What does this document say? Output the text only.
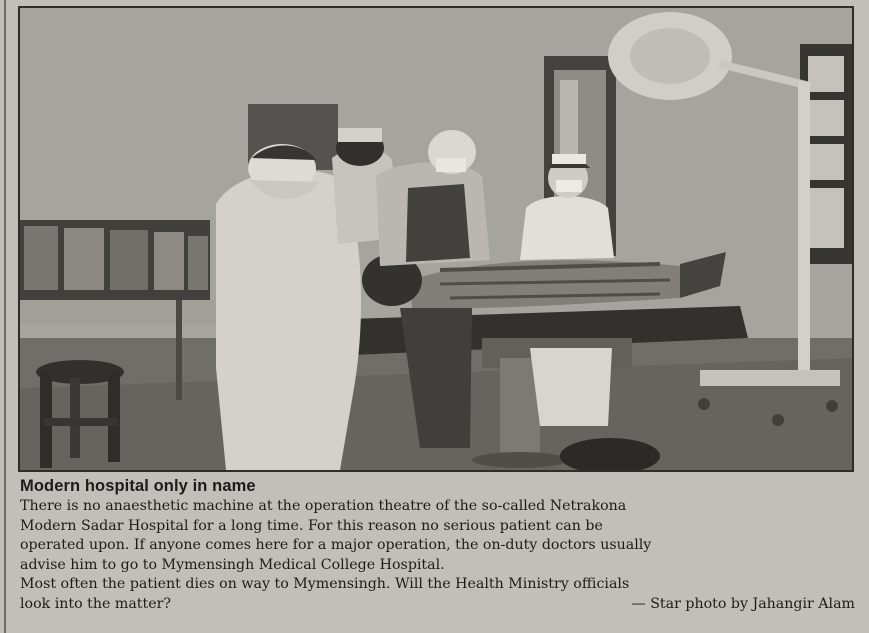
Modern hospital only in name
There is no anaesthetic machine at the operation theatre of the so-called Netrakona
Modern Sadar Hospital for a long time. For this reason no serious patient can be
operated upon. If anyone comes here for a major operation, the on-duty doctors usually
advise him to go to Mymensingh Medical College Hospital.
Most often the patient dies on way to Mymensingh. Will the Health Ministry officials
look into the matter?	— Star photo by Jahangir Alam
